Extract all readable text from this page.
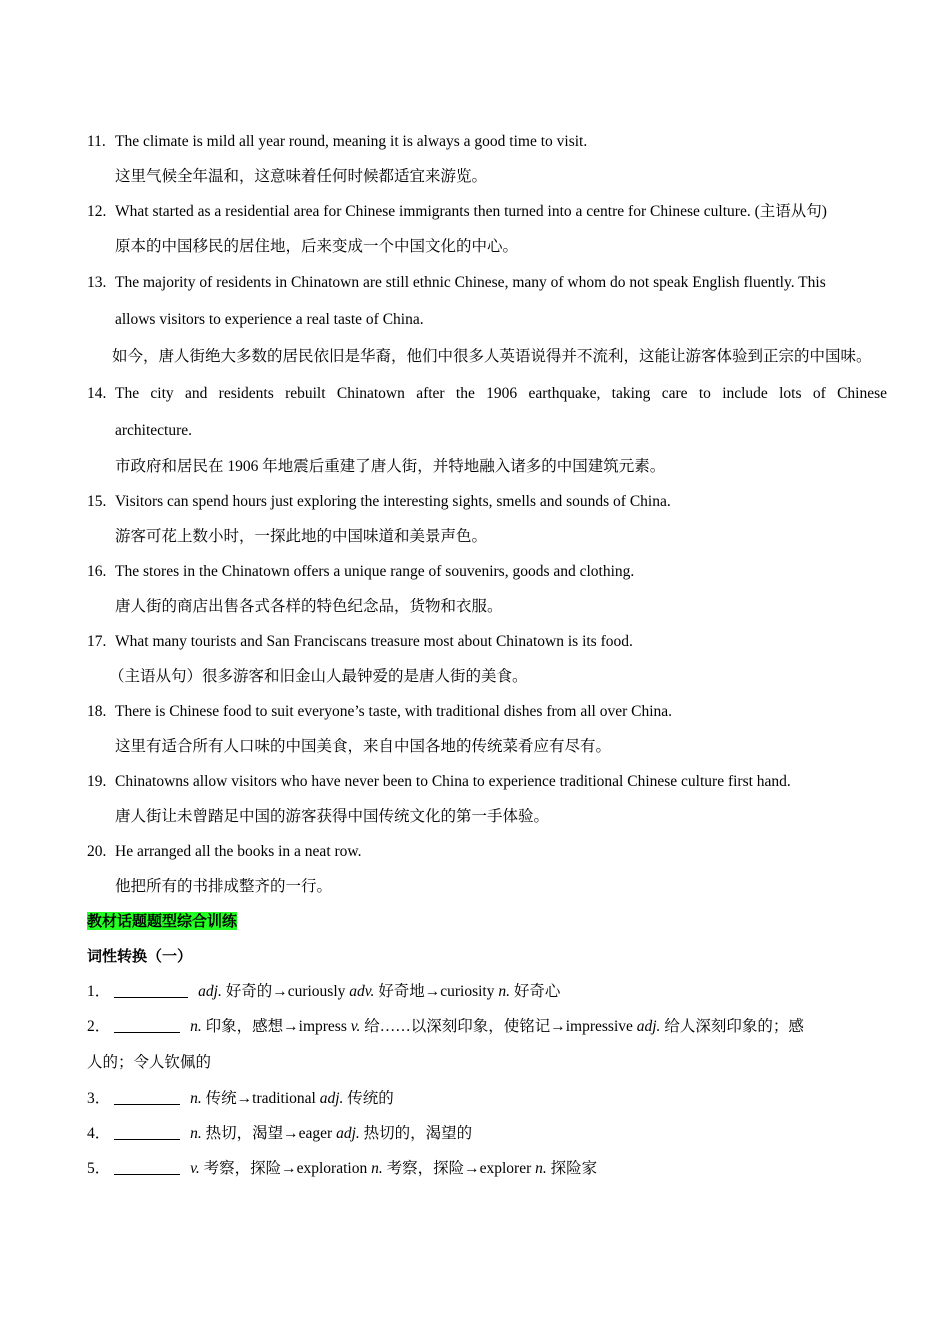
11. The climate is mild all year round, meaning it is always a good time to visit.
这里气候全年温和，这意味着任何时候都适宜来游览。
12. What started as a residential area for Chinese immigrants then turned into a centre for Chinese culture. (主语从句)
原本的中国移民的居住地，后来变成一个中国文化的中心。
13. The majority of residents in Chinatown are still ethnic Chinese, many of whom do not speak English fluently. This
allows visitors to experience a real taste of China.
如今，唐人街绝大多数的居民依旧是华裔，他们中很多人英语说得并不流利，这能让游客体验到正宗的中国味。
14. The city and residents rebuilt Chinatown after the 1906 earthquake, taking care to include lots of Chinese
architecture.
市政府和居民在 1906 年地震后重建了唐人街，并特地融入诸多的中国建筑元素。
15. Visitors can spend hours just exploring the interesting sights, smells and sounds of China.
游客可花上数小时，一探此地的中国味道和美景声色。
16. The stores in the Chinatown offers a unique range of souvenirs, goods and clothing.
唐人街的商店出售各式各样的特色纪念品，货物和衣服。
17. What many tourists and San Franciscans treasure most about Chinatown is its food.
（主语从句）很多游客和旧金山人最钟爱的是唐人街的美食。
18. There is Chinese food to suit everyone’s taste, with traditional dishes from all over China.
这里有适合所有人口味的中国美食，来自中国各地的传统菜肴应有尽有。
19. Chinatowns allow visitors who have never been to China to experience traditional Chinese culture first hand.
唐人街让未曾踏足中国的游客获得中国传统文化的第一手体验。
20. He arranged all the books in a neat row.
他把所有的书排成整齐的一行。
教材话题题型综合训练
词性转换（一）
1．	adj. 好奇的→curiously adv. 好奇地→curiosity n. 好奇心
2．	n. 印象，感想→impress v. 给……以深刻印象，使铭记→impressive adj. 给人深刻印象的；感
人的；令人钦佩的
3．	n. 传统→traditional adj. 传统的
4．	n. 热切，渴望→eager adj. 热切的，渴望的
5．	v. 考察，探险→exploration n. 考察，探险→explorer n. 探险家
